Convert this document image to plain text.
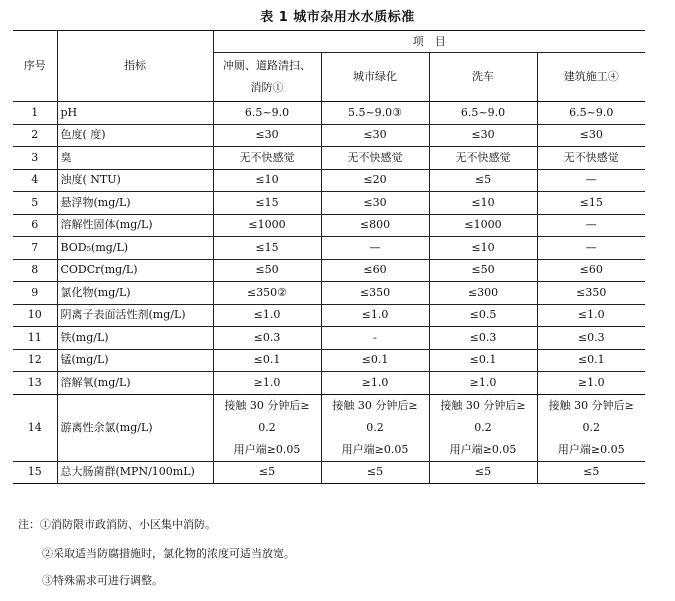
表 1 城市杂用水水质标准
序号	指标	项　目			

		冲厕、道路清扫、
消防①	城市绿化	洗车	建筑施工④
1	pH	6.5~9.0	5.5~9.0③	6.5~9.0	6.5~9.0
2	色度( 度)	≤30	≤30	≤30	≤30
3	臭	无不快感觉	无不快感觉	无不快感觉	无不快感觉
4	浊度( NTU)	≤10	≤20	≤5	—
5	悬浮物(mg/L)	≤15	≤30	≤10	≤15
6	溶解性固体(mg/L)	≤1000	≤800	≤1000	—
7	BOD₅(mg/L)	≤15	—	≤10	—
8	CODCr(mg/L)	≤50	≤60	≤50	≤60
9	氯化物(mg/L)	≤350②	≤350	≤300	≤350
10	阴离子表面活性剂(mg/L)	≤1.0	≤1.0	≤0.5	≤1.0
11	铁(mg/L)	≤0.3	-	≤0.3	≤0.3
12	锰(mg/L)	≤0.1	≤0.1	≤0.1	≤0.1
13	溶解氧(mg/L)	≥1.0	≥1.0	≥1.0	≥1.0
14	游离性余氯(mg/L)	接触 30 分钟后≥
0.2
用户端≥0.05	接触 30 分钟后≥
0.2
用户端≥0.05	接触 30 分钟后≥
0.2
用户端≥0.05	接触 30 分钟后≥
0.2
用户端≥0.05

15	总大肠菌群(MPN/100mL)	≤5	≤5	≤5	≤5
注：①消防限市政消防、小区集中消防。
②采取适当防腐措施时，氯化物的浓度可适当放宽。
③特殊需求可进行调整。
